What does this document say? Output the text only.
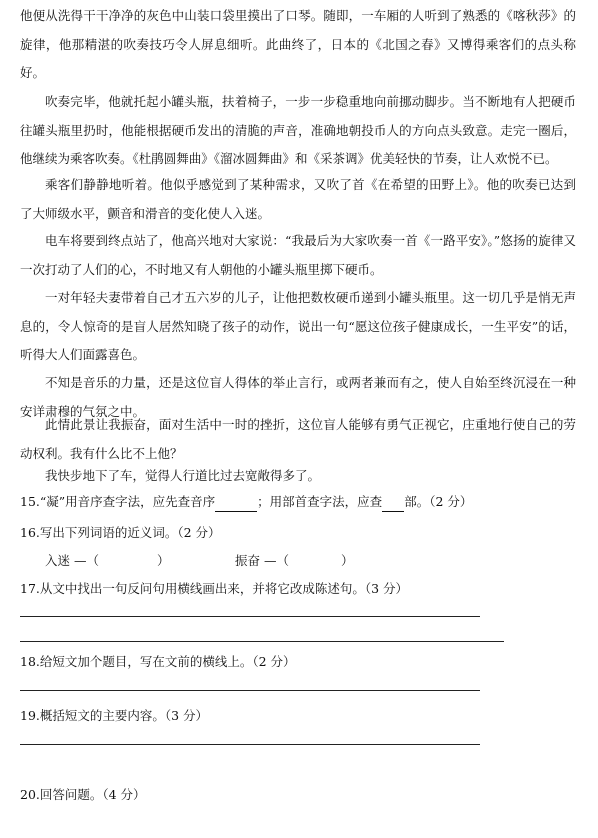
他便从洗得干干净净的灰色中山装口袋里摸出了口琴。随即，一车厢的人听到了熟悉的《喀秋莎》的旋律，他那精湛的吹奏技巧令人屏息细听。此曲终了，日本的《北国之春》又博得乘客们的点头称好。

吹奏完毕，他就托起小罐头瓶，扶着椅子，一步一步稳重地向前挪动脚步。当不断地有人把硬币往罐头瓶里扔时，他能根据硬币发出的清脆的声音，准确地朝投币人的方向点头致意。走完一圈后，他继续为乘客吹奏。《杜鹃圆舞曲》《溜冰圆舞曲》和《采茶调》优美轻快的节奏，让人欢悦不已。

乘客们静静地听着。他似乎感觉到了某种需求，又吹了首《在希望的田野上》。他的吹奏已达到了大师级水平，颤音和滑音的变化使人入迷。

电车将要到终点站了，他高兴地对大家说：“我最后为大家吹奏一首《一路平安》。”悠扬的旋律又一次打动了人们的心，不时地又有人朝他的小罐头瓶里掷下硬币。

一对年轻夫妻带着自己才五六岁的儿子，让他把数枚硬币递到小罐头瓶里。这一切几乎是悄无声息的，令人惊奇的是盲人居然知晓了孩子的动作，说出一句“愿这位孩子健康成长，一生平安”的话，听得大人们面露喜色。

不知是音乐的力量，还是这位盲人得体的举止言行，或两者兼而有之，使人自始至终沉浸在一种安详肃穆的气氛之中。

此情此景让我振奋，面对生活中一时的挫折，这位盲人能够有勇气正视它，庄重地行使自己的劳动权利。我有什么比不上他？

我快步地下了车，觉得人行道比过去宽敞得多了。

15.“凝”用音序查字法，应先查音序	；用部首查字法，应查 部。（2 分）

16.写出下列词语的近义词。（2 分）

入迷 —（	）	振奋 —（	）

17.从文中找出一句反问句用横线画出来，并将它改成陈述句。（3 分）

18.给短文加个题目，写在文前的横线上。（2 分）

19.概括短文的主要内容。（3 分）

20.回答问题。（4 分）
